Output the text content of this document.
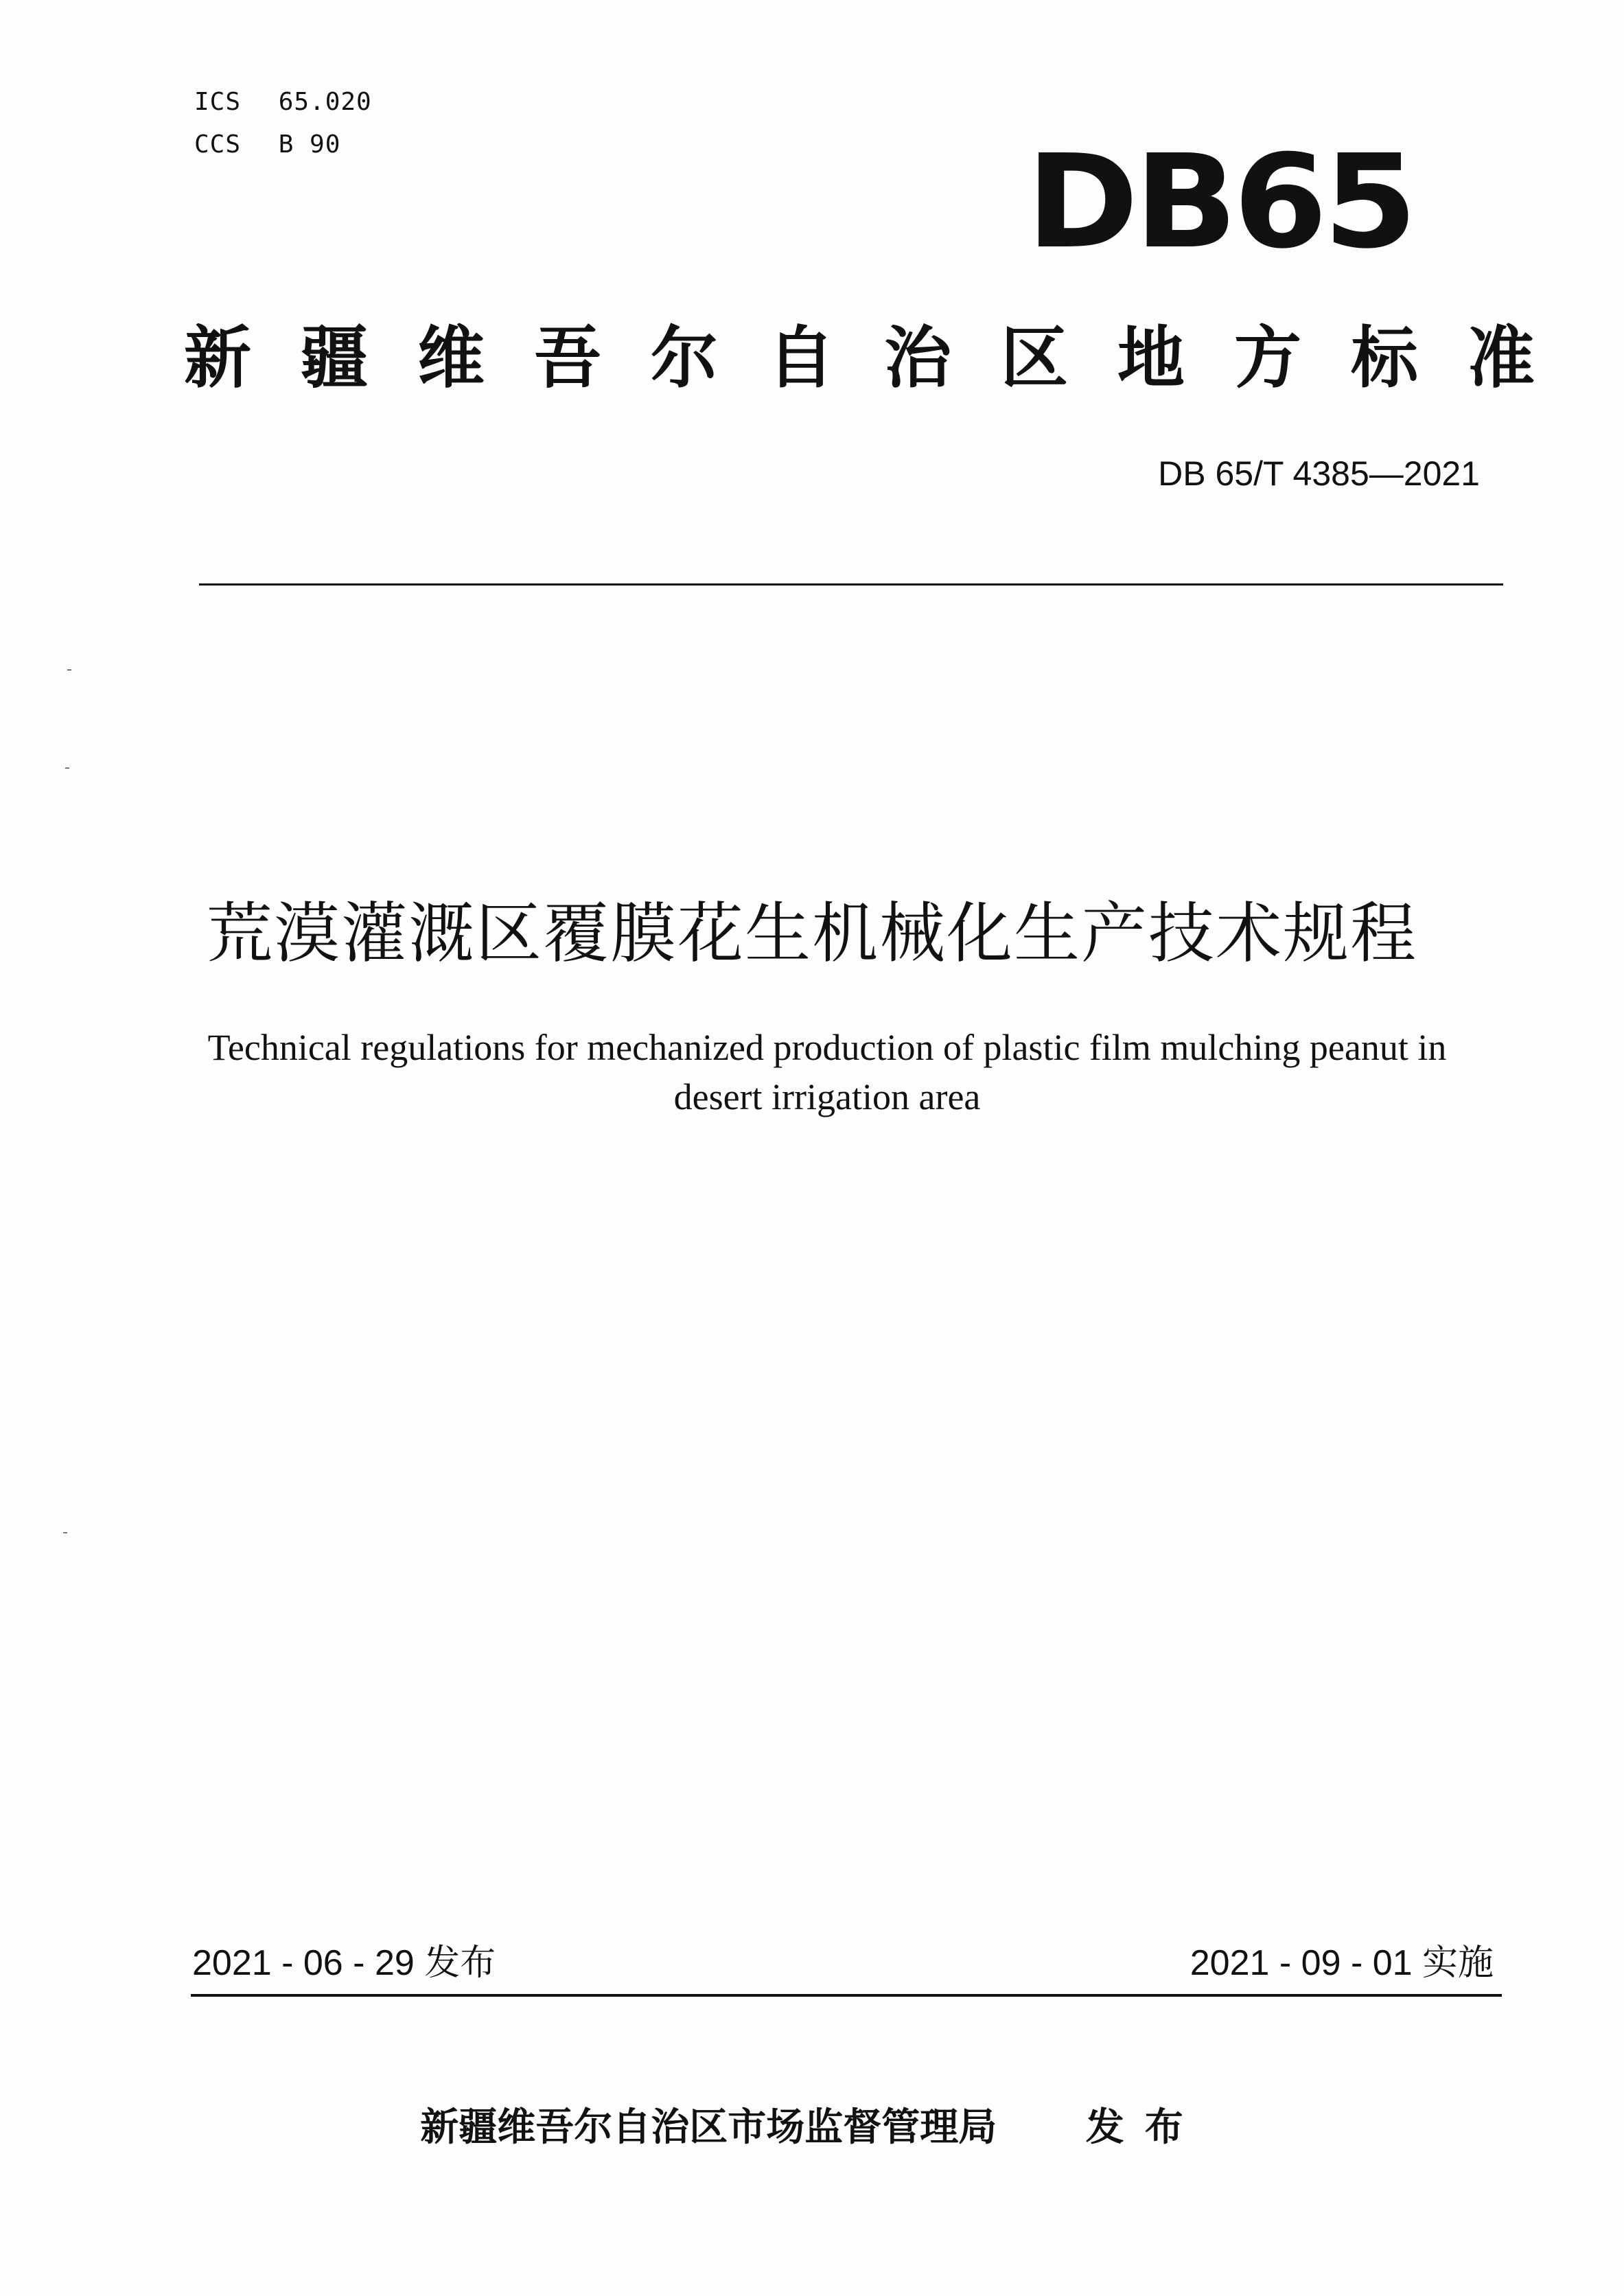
ICS 65.020
CCS B 90	DB65
新疆维吾尔自治区地方标准
DB 65/T 4385—2021
荒漠灌溉区覆膜花生机械化生产技术规程
Technical regulations for mechanized production of plastic film mulching peanut in
desert irrigation area
2021 - 06 - 29 发布	2021 - 09 - 01 实施
新疆维吾尔自治区市场监督管理局 发布
